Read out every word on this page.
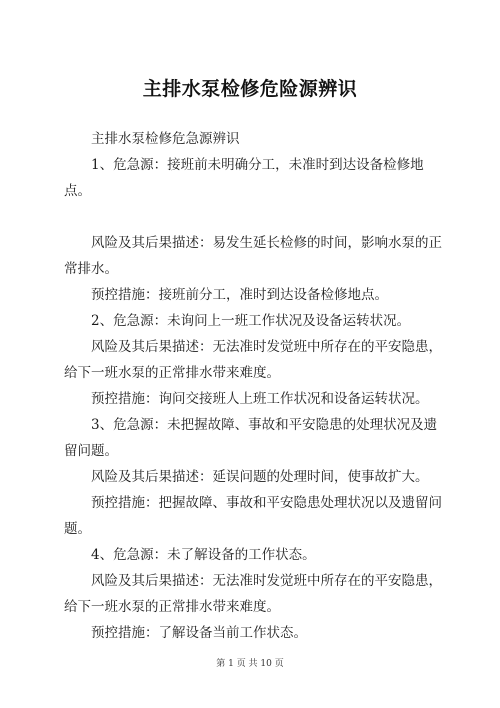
主排水泵检修危险源辨识

主排水泵检修危急源辨识

1、危急源：接班前未明确分工，未准时到达设备检修地点。

风险及其后果描述：易发生延长检修的时间，影响水泵的正常排水。

预控措施：接班前分工，准时到达设备检修地点。

2、危急源：未询问上一班工作状况及设备运转状况。

风险及其后果描述：无法准时发觉班中所存在的平安隐患，给下一班水泵的正常排水带来难度。

预控措施：询问交接班人上班工作状况和设备运转状况。

3、危急源：未把握故障、事故和平安隐患的处理状况及遗留问题。

风险及其后果描述：延误问题的处理时间，使事故扩大。

预控措施：把握故障、事故和平安隐患处理状况以及遗留问题。

4、危急源：未了解设备的工作状态。

风险及其后果描述：无法准时发觉班中所存在的平安隐患，给下一班水泵的正常排水带来难度。

预控措施：了解设备当前工作状态。

第 1 页 共 10 页
